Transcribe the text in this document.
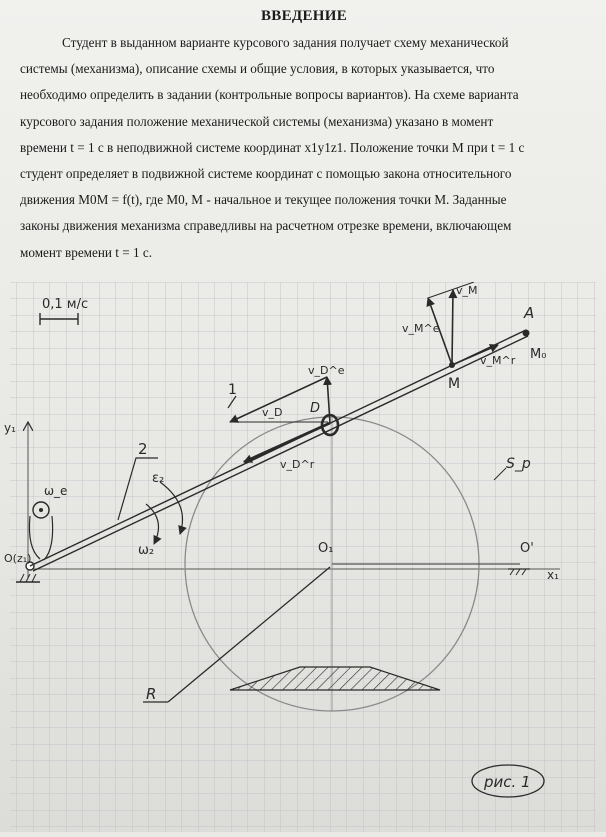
ВВЕДЕНИЕ

Студент в выданном варианте курсового задания получает схему механической
системы (механизма), описание схемы и общие условия, в которых указывается, что
необходимо определить в задании (контрольные вопросы вариантов). На схеме варианта
курсового задания положение механической системы (механизма) указано в момент
времени t = 1 с в неподвижной системе координат x1y1z1. Положение точки M при t = 1 с
студент определяет в подвижной системе координат с помощью закона относительного
движения M0M = f(t), где M0, M - начальное и текущее положения точки M. Заданные
законы движения механизма справедливы на расчетном отрезке времени, включающем
момент времени t = 1 с.

0,1 м/с
y₁
x₁
O₁	O'
R
S_p
O(z₁)
ω_e
A
M₀
2
ε₂
ω₂
D
1
v_D^e
v_D
v_D^r
M
v_M
v_M^e
v_M^r
рис. 1
